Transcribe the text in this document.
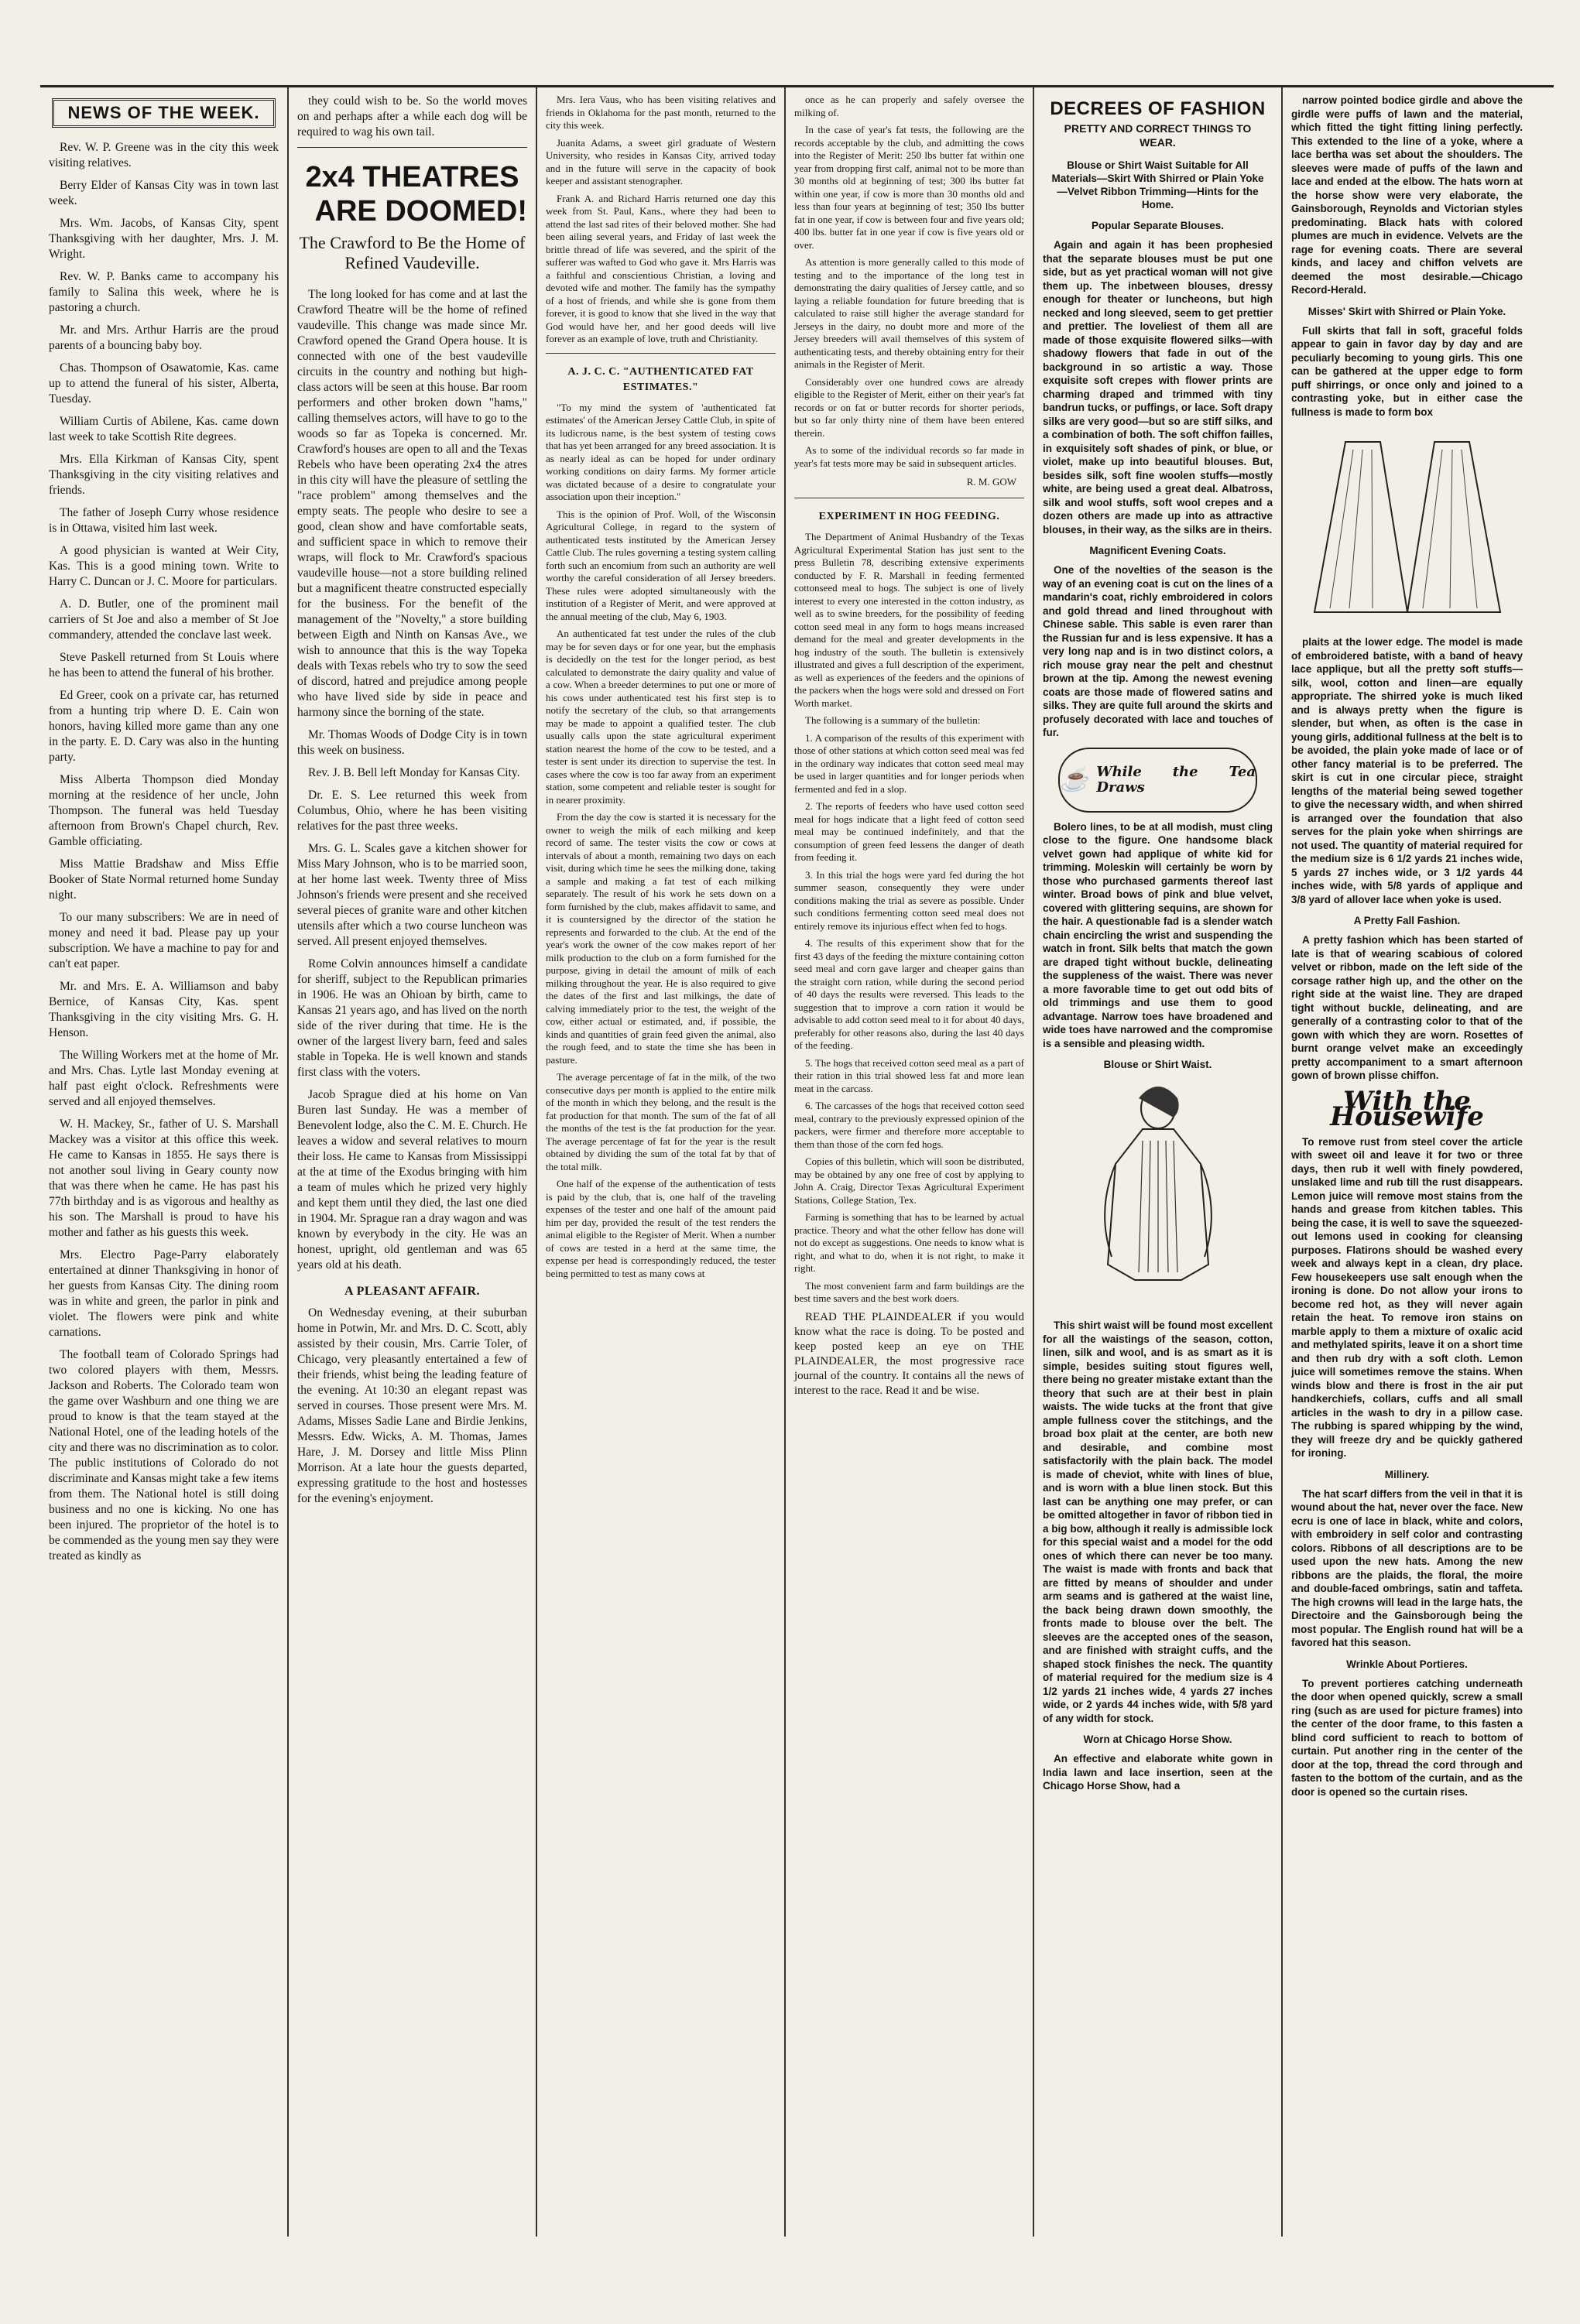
NEWS OF THE WEEK.

Rev. W. P. Greene was in the city this week visiting relatives.

Berry Elder of Kansas City was in town last week.

Mrs. Wm. Jacobs, of Kansas City, spent Thanksgiving with her daughter, Mrs. J. M. Wright.

Rev. W. P. Banks came to accompany his family to Salina this week, where he is pastoring a church.

Mr. and Mrs. Arthur Harris are the proud parents of a bouncing baby boy.

Chas. Thompson of Osawatomie, Kas. came up to attend the funeral of his sister, Alberta, Tuesday.

William Curtis of Abilene, Kas. came down last week to take Scottish Rite degrees.

Mrs. Ella Kirkman of Kansas City, spent Thanksgiving in the city visiting relatives and friends.

The father of Joseph Curry whose residence is in Ottawa, visited him last week.

A good physician is wanted at Weir City, Kas. This is a good mining town. Write to Harry C. Duncan or J. C. Moore for particulars.

A. D. Butler, one of the prominent mail carriers of St Joe and also a member of St Joe commandery, attended the conclave last week.

Steve Paskell returned from St Louis where he has been to attend the funeral of his brother.

Ed Greer, cook on a private car, has returned from a hunting trip where D. E. Cain won honors, having killed more game than any one in the party. E. D. Cary was also in the hunting party.

Miss Alberta Thompson died Monday morning at the residence of her uncle, John Thompson. The funeral was held Tuesday afternoon from Brown's Chapel church, Rev. Gamble officiating.

Miss Mattie Bradshaw and Miss Effie Booker of State Normal returned home Sunday night.

To our many subscribers: We are in need of money and need it bad. Please pay up your subscription. We have a machine to pay for and can't eat paper.

Mr. and Mrs. E. A. Williamson and baby Bernice, of Kansas City, Kas. spent Thanksgiving in the city visiting Mrs. G. H. Henson.

The Willing Workers met at the home of Mr. and Mrs. Chas. Lytle last Monday evening at half past eight o'clock. Refreshments were served and all enjoyed themselves.

W. H. Mackey, Sr., father of U. S. Marshall Mackey was a visitor at this office this week. He came to Kansas in 1855. He says there is not another soul living in Geary county now that was there when he came. He has past his 77th birthday and is as vigorous and healthy as his son. The Marshall is proud to have his mother and father as his guests this week.

Mrs. Electro Page-Parry elaborately entertained at dinner Thanksgiving in honor of her guests from Kansas City. The dining room was in white and green, the parlor in pink and violet. The flowers were pink and white carnations.

The football team of Colorado Springs had two colored players with them, Messrs. Jackson and Roberts. The Colorado team won the game over Washburn and one thing we are proud to know is that the team stayed at the National Hotel, one of the leading hotels of the city and there was no discrimination as to color. The public institutions of Colorado do not discriminate and Kansas might take a few items from them. The National hotel is still doing business and no one is kicking. No one has been injured. The proprietor of the hotel is to be commended as the young men say they were treated as kindly as

they could wish to be. So the world moves on and perhaps after a while each dog will be required to wag his own tail.

2x4 THEATRES
ARE DOOMED!
The Crawford to Be the Home of Refined Vaudeville.

The long looked for has come and at last the Crawford Theatre will be the home of refined vaudeville. This change was made since Mr. Crawford opened the Grand Opera house. It is connected with one of the best vaudeville circuits in the country and nothing but high-class actors will be seen at this house. Bar room performers and other broken down "hams," calling themselves actors, will have to go to the woods so far as Topeka is concerned. Mr. Crawford's houses are open to all and the Texas Rebels who have been operating 2x4 the atres in this city will have the pleasure of settling the "race problem" among themselves and the empty seats. The people who desire to see a good, clean show and have comfortable seats, and sufficient space in which to remove their wraps, will flock to Mr. Crawford's spacious vaudeville house—not a store building relined but a magnificent theatre constructed especially for the business. For the benefit of the management of the "Novelty," a store building between Eigth and Ninth on Kansas Ave., we wish to announce that this is the way Topeka deals with Texas rebels who try to sow the seed of discord, hatred and prejudice among people who have lived side by side in peace and harmony since the borning of the state.

Mr. Thomas Woods of Dodge City is in town this week on business.

Rev. J. B. Bell left Monday for Kansas City.

Dr. E. S. Lee returned this week from Columbus, Ohio, where he has been visiting relatives for the past three weeks.

Mrs. G. L. Scales gave a kitchen shower for Miss Mary Johnson, who is to be married soon, at her home last week. Twenty three of Miss Johnson's friends were present and she received several pieces of granite ware and other kitchen utensils after which a two course luncheon was served. All present enjoyed themselves.

Rome Colvin announces himself a candidate for sheriff, subject to the Republican primaries in 1906. He was an Ohioan by birth, came to Kansas 21 years ago, and has lived on the north side of the river during that time. He is the owner of the largest livery barn, feed and sales stable in Topeka. He is well known and stands first class with the voters.

Jacob Sprague died at his home on Van Buren last Sunday. He was a member of Benevolent lodge, also the C. M. E. Church. He leaves a widow and several relatives to mourn their loss. He came to Kansas from Mississippi at the at time of the Exodus bringing with him a team of mules which he prized very highly and kept them until they died, the last one died in 1904. Mr. Sprague ran a dray wagon and was known by everybody in the city. He was an honest, upright, old gentleman and was 65 years old at his death.

A PLEASANT AFFAIR.

On Wednesday evening, at their suburban home in Potwin, Mr. and Mrs. D. C. Scott, ably assisted by their cousin, Mrs. Carrie Toler, of Chicago, very pleasantly entertained a few of their friends, whist being the leading feature of the evening. At 10:30 an elegant repast was served in courses. Those present were Mrs. M. Adams, Misses Sadie Lane and Birdie Jenkins, Messrs. Edw. Wicks, A. M. Thomas, James Hare, J. M. Dorsey and little Miss Plinn Morrison. At a late hour the guests departed, expressing gratitude to the host and hostesses for the evening's enjoyment.

Mrs. Iera Vaus, who has been visiting relatives and friends in Oklahoma for the past month, returned to the city this week.

Juanita Adams, a sweet girl graduate of Western University, who resides in Kansas City, arrived today and in the future will serve in the capacity of book keeper and assistant stenographer.

Frank A. and Richard Harris returned one day this week from St. Paul, Kans., where they had been to attend the last sad rites of their beloved mother. She had been ailing several years, and Friday of last week the brittle thread of life was severed, and the spirit of the sufferer was wafted to God who gave it. Mrs Harris was a faithful and conscientious Christian, a loving and devoted wife and mother. The family has the sympathy of a host of friends, and while she is gone from them forever, it is good to know that she lived in the way that God would have her, and her good deeds will live forever as an example of love, truth and Christianity.

A. J. C. C. "AUTHENTICATED FAT ESTIMATES."

"To my mind the system of 'authenticated fat estimates' of the American Jersey Cattle Club, in spite of its ludicrous name, is the best system of testing cows that has yet been arranged for any breed association. It is as nearly ideal as can be hoped for under ordinary working conditions on dairy farms. My former article was dictated because of a desire to congratulate your association upon their inception."

This is the opinion of Prof. Woll, of the Wisconsin Agricultural College, in regard to the system of authenticated tests instituted by the American Jersey Cattle Club. The rules governing a testing system calling forth such an encomium from such an authority are well worthy the careful consideration of all Jersey breeders. These rules were adopted simultaneously with the institution of a Register of Merit, and were approved at the annual meeting of the club, May 6, 1903.

An authenticated fat test under the rules of the club may be for seven days or for one year, but the emphasis is decidedly on the test for the longer period, as best calculated to demonstrate the dairy quality and value of a cow. When a breeder determines to put one or more of his cows under authenticated test his first step is to notify the secretary of the club, so that arrangements may be made to appoint a qualified tester. The club usually calls upon the state agricultural experiment station nearest the home of the cow to be tested, and a tester is sent under its direction to supervise the test. In cases where the cow is too far away from an experiment station, some competent and reliable tester is sought for in nearer proximity.

From the day the cow is started it is necessary for the owner to weigh the milk of each milking and keep record of same. The tester visits the cow or cows at intervals of about a month, remaining two days on each visit, during which time he sees the milking done, taking a sample and making a fat test of each milking separately. The result of his work he sets down on a form furnished by the club, makes affidavit to same, and it is countersigned by the director of the station he represents and forwarded to the club. At the end of the year's work the owner of the cow makes report of her milk production to the club on a form furnished for the purpose, giving in detail the amount of milk of each milking throughout the year. He is also required to give the dates of the first and last milkings, the date of calving immediately prior to the test, the weight of the cow, either actual or estimated, and, if possible, the kinds and quantities of grain feed given the animal, also the rough feed, and to state the time she has been in pasture.

The average percentage of fat in the milk, of the two consecutive days per month is applied to the entire milk of the month in which they belong, and the result is the fat production for that month. The sum of the fat of all the months of the test is the fat production for the year. The average percentage of fat for the year is the result obtained by dividing the sum of the total fat by that of the total milk.

One half of the expense of the authentication of tests is paid by the club, that is, one half of the traveling expenses of the tester and one half of the amount paid him per day, provided the result of the test renders the animal eligible to the Register of Merit. When a number of cows are tested in a herd at the same time, the expense per head is correspondingly reduced, the tester being permitted to test as many cows at

once as he can properly and safely oversee the milking of.

In the case of year's fat tests, the following are the records acceptable by the club, and admitting the cows into the Register of Merit: 250 lbs butter fat within one year from dropping first calf, animal not to be more than 30 months old at beginning of test; 300 lbs butter fat within one year, if cow is more than 30 months old and less than four years at beginning of test; 350 lbs butter fat in one year, if cow is between four and five years old; 400 lbs. butter fat in one year if cow is five years old or over.

As attention is more generally called to this mode of testing and to the importance of the long test in demonstrating the dairy qualities of Jersey cattle, and so laying a reliable foundation for future breeding that is calculated to raise still higher the average standard for Jerseys in the dairy, no doubt more and more of the Jersey breeders will avail themselves of this system of authenticating tests, and thereby obtaining entry for their animals in the Register of Merit.

Considerably over one hundred cows are already eligible to the Register of Merit, either on their year's fat records or on fat or butter records for shorter periods, but so far only thirty nine of them have been entered therein.

As to some of the individual records so far made in year's fat tests more may be said in subsequent articles.

R. M. GOW
EXPERIMENT IN HOG FEEDING.

The Department of Animal Husbandry of the Texas Agricultural Experimental Station has just sent to the press Bulletin 78, describing extensive experiments conducted by F. R. Marshall in feeding fermented cottonseed meal to hogs. The subject is one of lively interest to every one interested in the cotton industry, as well as to swine breeders, for the possibility of feeding cotton seed meal in any form to hogs means increased demand for the meal and greater developments in the hog industry of the south. The bulletin is extensively illustrated and gives a full description of the experiment, as well as experiences of the feeders and the opinions of the packers when the hogs were sold and dressed on Fort Worth market.

The following is a summary of the bulletin:

1. A comparison of the results of this experiment with those of other stations at which cotton seed meal was fed in the ordinary way indicates that cotton seed meal may be used in larger quantities and for longer periods when fermented and fed in a slop.

2. The reports of feeders who have used cotton seed meal for hogs indicate that a light feed of cotton seed meal may be continued indefinitely, and that the consumption of green feed lessens the danger of death from feeding it.

3. In this trial the hogs were yard fed during the hot summer season, consequently they were under conditions making the trial as severe as possible. Under such conditions fermenting cotton seed meal does not entirely remove its injurious effect when fed to hogs.

4. The results of this experiment show that for the first 43 days of the feeding the mixture containing cotton seed meal and corn gave larger and cheaper gains than the straight corn ration, while during the second period of 40 days the results were reversed. This leads to the suggestion that to improve a corn ration it would be advisable to add cotton seed meal to it for about 40 days, preferably for other reasons also, during the last 40 days of the feeding.

5. The hogs that received cotton seed meal as a part of their ration in this trial showed less fat and more lean meat in the carcass.

6. The carcasses of the hogs that received cotton seed meal, contrary to the previously expressed opinion of the packers, were firmer and therefore more acceptable to them than those of the corn fed hogs.

Copies of this bulletin, which will soon be distributed, may be obtained by any one free of cost by applying to John A. Craig, Director Texas Agricultural Experiment Stations, College Station, Tex.

Farming is something that has to be learned by actual practice. Theory and what the other fellow has done will not do except as suggestions. One needs to know what is right, and what to do, when it is not right, to make it right.

The most convenient farm and farm buildings are the best time savers and the best work doers.

READ THE PLAINDEALER if you would know what the race is doing. To be posted and keep posted keep an eye on THE PLAINDEALER, the most progressive race journal of the country. It contains all the news of interest to the race. Read it and be wise.

DECREES OF FASHION
PRETTY AND CORRECT THINGS TO WEAR.
Blouse or Shirt Waist Suitable for All Materials—Skirt With Shirred or Plain Yoke—Velvet Ribbon Trimming—Hints for the Home.
Popular Separate Blouses.

Again and again it has been prophesied that the separate blouses must be put one side, but as yet practical woman will not give them up. The inbetween blouses, dressy enough for theater or luncheons, but high necked and long sleeved, seem to get prettier and prettier. The loveliest of them all are made of those exquisite flowered silks—with shadowy flowers that fade in out of the background in so artistic a way. Those exquisite soft crepes with flower prints are charming draped and trimmed with tiny bandrun tucks, or puffings, or lace. Soft drapy silks are very good—but so are stiff silks, and a combination of both. The soft chiffon failles, in exquisitely soft shades of pink, or blue, or violet, make up into beautiful blouses. But, besides silk, soft fine woolen stuffs—mostly white, are being used a great deal. Albatross, silk and wool stuffs, soft wool crepes and a dozen others are made up into as attractive blouses, in their way, as the silks are in theirs.

Magnificent Evening Coats.

One of the novelties of the season is the way of an evening coat is cut on the lines of a mandarin's coat, richly embroidered in colors and gold thread and lined throughout with Chinese sable. This sable is even rarer than the Russian fur and is less expensive. It has a very long nap and is in two distinct colors, a rich mouse gray near the pelt and chestnut brown at the tip. Among the newest evening coats are those made of flowered satins and silks. They are quite full around the skirts and profusely decorated with lace and touches of fur.

☕ While the Tea Draws

Bolero lines, to be at all modish, must cling close to the figure. One handsome black velvet gown had applique of white kid for trimming. Moleskin will certainly be worn by those who purchased garments thereof last winter. Broad bows of pink and blue velvet, covered with glittering sequins, are shown for the hair. A questionable fad is a slender watch chain encircling the wrist and suspending the watch in front. Silk belts that match the gown are draped tight without buckle, delineating the suppleness of the waist. There was never a more favorable time to get out odd bits of old trimmings and use them to good advantage. Narrow toes have broadened and wide toes have narrowed and the compromise is a sensible and pleasing width.

Blouse or Shirt Waist.

This shirt waist will be found most excellent for all the waistings of the season, cotton, linen, silk and wool, and is as smart as it is simple, besides suiting stout figures well, there being no greater mistake extant than the theory that such are at their best in plain waists. The wide tucks at the front that give ample fullness cover the stitchings, and the broad box plait at the center, are both new and desirable, and combine most satisfactorily with the plain back. The model is made of cheviot, white with lines of blue, and is worn with a blue linen stock. But this last can be anything one may prefer, or can be omitted altogether in favor of ribbon tied in a big bow, although it really is admissible lock for this special waist and a model for the odd ones of which there can never be too many. The waist is made with fronts and back that are fitted by means of shoulder and under arm seams and is gathered at the waist line, the back being drawn down smoothly, the fronts made to blouse over the belt. The sleeves are the accepted ones of the season, and are finished with straight cuffs, and the shaped stock finishes the neck. The quantity of material required for the medium size is 4 1/2 yards 21 inches wide, 4 yards 27 inches wide, or 2 yards 44 inches wide, with 5/8 yard of any width for stock.

Worn at Chicago Horse Show.

An effective and elaborate white gown in India lawn and lace insertion, seen at the Chicago Horse Show, had a

narrow pointed bodice girdle and above the girdle were puffs of lawn and the material, which fitted the tight fitting lining perfectly. This extended to the line of a yoke, where a lace bertha was set about the shoulders. The sleeves were made of puffs of the lawn and lace and ended at the elbow. The hats worn at the horse show were very elaborate, the Gainsborough, Reynolds and Victorian styles predominating. Black hats with colored plumes are much in evidence. Velvets are the rage for evening coats. There are several kinds, and lacey and chiffon velvets are deemed the most desirable.—Chicago Record-Herald.

Misses' Skirt with Shirred or Plain Yoke.

Full skirts that fall in soft, graceful folds appear to gain in favor day by day and are peculiarly becoming to young girls. This one can be gathered at the upper edge to form puff shirrings, or once only and joined to a contrasting yoke, but in either case the fullness is made to form box

plaits at the lower edge. The model is made of embroidered batiste, with a band of heavy lace applique, but all the pretty soft stuffs—silk, wool, cotton and linen—are equally appropriate. The shirred yoke is much liked and is always pretty when the figure is slender, but when, as often is the case in young girls, additional fullness at the belt is to be avoided, the plain yoke made of lace or of other fancy material is to be preferred. The skirt is cut in one circular piece, straight lengths of the material being sewed together to give the necessary width, and when shirred is arranged over the foundation that also serves for the plain yoke when shirrings are not used. The quantity of material required for the medium size is 6 1/2 yards 21 inches wide, 5 yards 27 inches wide, or 3 1/2 yards 44 inches wide, with 5/8 yards of applique and 3/8 yard of allover lace when yoke is used.

A Pretty Fall Fashion.

A pretty fashion which has been started of late is that of wearing scabious of colored velvet or ribbon, made on the left side of the corsage rather high up, and the other on the right side at the waist line. They are draped tight without buckle, delineating, and are generally of a contrasting color to that of the gown with which they are worn. Rosettes of burnt orange velvet make an exceedingly pretty accompaniment to a smart afternoon gown of brown plisse chiffon.

With the Housewife

To remove rust from steel cover the article with sweet oil and leave it for two or three days, then rub it well with finely powdered, unslaked lime and rub till the rust disappears. Lemon juice will remove most stains from the hands and grease from kitchen tables. This being the case, it is well to save the squeezed-out lemons used in cooking for cleansing purposes. Flatirons should be washed every week and always kept in a clean, dry place. Few housekeepers use salt enough when the ironing is done. Do not allow your irons to become red hot, as they will never again retain the heat. To remove iron stains on marble apply to them a mixture of oxalic acid and methylated spirits, leave it on a short time and then rub dry with a soft cloth. Lemon juice will sometimes remove the stains. When winds blow and there is frost in the air put handkerchiefs, collars, cuffs and all small articles in the wash to dry in a pillow case. The rubbing is spared whipping by the wind, they will freeze dry and be quickly gathered for ironing.

Millinery.

The hat scarf differs from the veil in that it is wound about the hat, never over the face. New ecru is one of lace in black, white and colors, with embroidery in self color and contrasting colors. Ribbons of all descriptions are to be used upon the new hats. Among the new ribbons are the plaids, the floral, the moire and double-faced ombrings, satin and taffeta. The high crowns will lead in the large hats, the Directoire and the Gainsborough being the most popular. The English round hat will be a favored hat this season.

Wrinkle About Portieres.

To prevent portieres catching underneath the door when opened quickly, screw a small ring (such as are used for picture frames) into the center of the door frame, to this fasten a blind cord sufficient to reach to bottom of curtain. Put another ring in the center of the door at the top, thread the cord through and fasten to the bottom of the curtain, and as the door is opened so the curtain rises.
